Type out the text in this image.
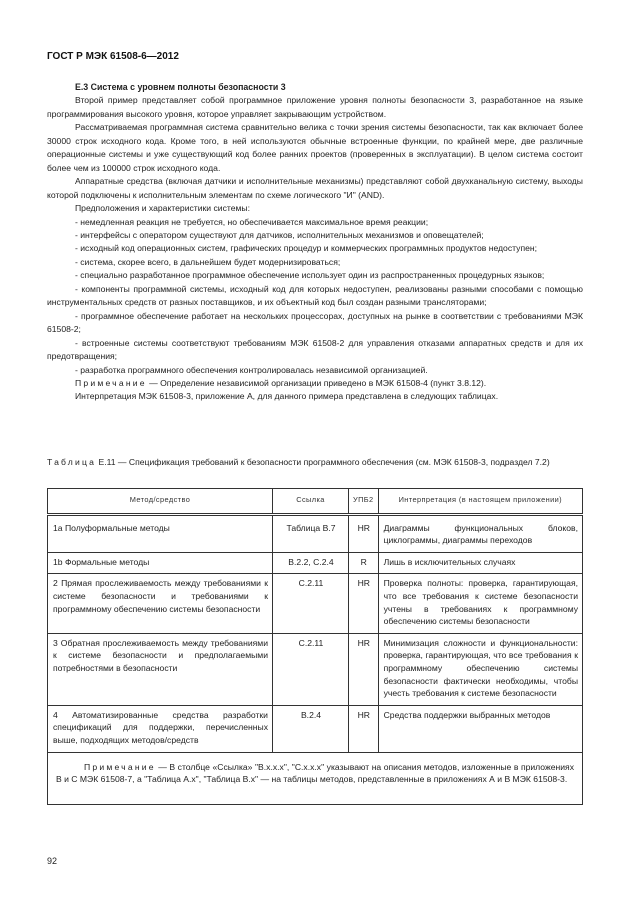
ГОСТ Р МЭК 61508-6—2012
Е.3 Система с уровнем полноты безопасности 3

Второй пример представляет собой программное приложение уровня полноты безопасности 3, разработанное на языке программирования высокого уровня, которое управляет закрывающим устройством.

Рассматриваемая программная система сравнительно велика с точки зрения системы безопасности, так как включает более 30000 строк исходного кода. Кроме того, в ней используются обычные встроенные функции, по крайней мере, две различные операционные системы и уже существующий код более ранних проектов (проверенных в эксплуатации). В целом система состоит более чем из 100000 строк исходного кода.

Аппаратные средства (включая датчики и исполнительные механизмы) представляют собой двухканальную систему, выходы которой подключены к исполнительным элементам по схеме логического "И" (AND).

Предположения и характеристики системы:

- немедленная реакция не требуется, но обеспечивается максимальное время реакции;

- интерфейсы с оператором существуют для датчиков, исполнительных механизмов и оповещателей;

- исходный код операционных систем, графических процедур и коммерческих программных продуктов недоступен;

- система, скорее всего, в дальнейшем будет модернизироваться;

- специально разработанное программное обеспечение использует один из распространенных процедурных языков;

- компоненты программной системы, исходный код для которых недоступен, реализованы разными способами с помощью инструментальных средств от разных поставщиков, и их объектный код был создан разными трансляторами;

- программное обеспечение работает на нескольких процессорах, доступных на рынке в соответствии с требованиями МЭК 61508-2;

- встроенные системы соответствуют требованиям МЭК 61508-2 для управления отказами аппаратных средств и для их предотвращения;

- разработка программного обеспечения контролировалась независимой организацией.

Примечание — Определение независимой организации приведено в МЭК 61508-4 (пункт 3.8.12).

Интерпретация МЭК 61508-3, приложение А, для данного примера представлена в следующих таблицах.

Таблица Е.11 — Спецификация требований к безопасности программного обеспечения (см. МЭК 61508-3, подраздел 7.2)
Метод/средство	Ссылка	УПБ2	Интерпретация (в настоящем приложении)
1a Полуформальные методы	Таблица В.7	HR	Диаграммы функциональных блоков, циклограммы, диаграммы переходов
1b Формальные методы	В.2.2, С.2.4	R	Лишь в исключительных случаях
2 Прямая прослеживаемость между требованиями к системе безопасности и требованиями к программному обеспечению системы безопасности	С.2.11	HR	Проверка полноты: проверка, гарантирующая, что все требования к системе безопасности учтены в требованиях к программному обеспечению системы безопасности
3 Обратная прослеживаемость между требованиями к системе безопасности и предполагаемыми потребностями в безопасности	С.2.11	HR	Минимизация сложности и функциональности: проверка, гарантирующая, что все требования к программному обеспечению системы безопасности фактически необходимы, чтобы учесть требования к системе безопасности
4 Автоматизированные средства разработки спецификаций для поддержки, перечисленных выше, подходящих методов/средств	В.2.4	HR	Средства поддержки выбранных методов

Примечание — В столбце «Ссылка» "В.х.х.х", "С.х.х.х" указывают на описания методов, изложенные в приложениях В и С МЭК 61508-7, а "Таблица А.х", "Таблица В.х" — на таблицы методов, представленные в приложениях А и В МЭК 61508-3.			

92
